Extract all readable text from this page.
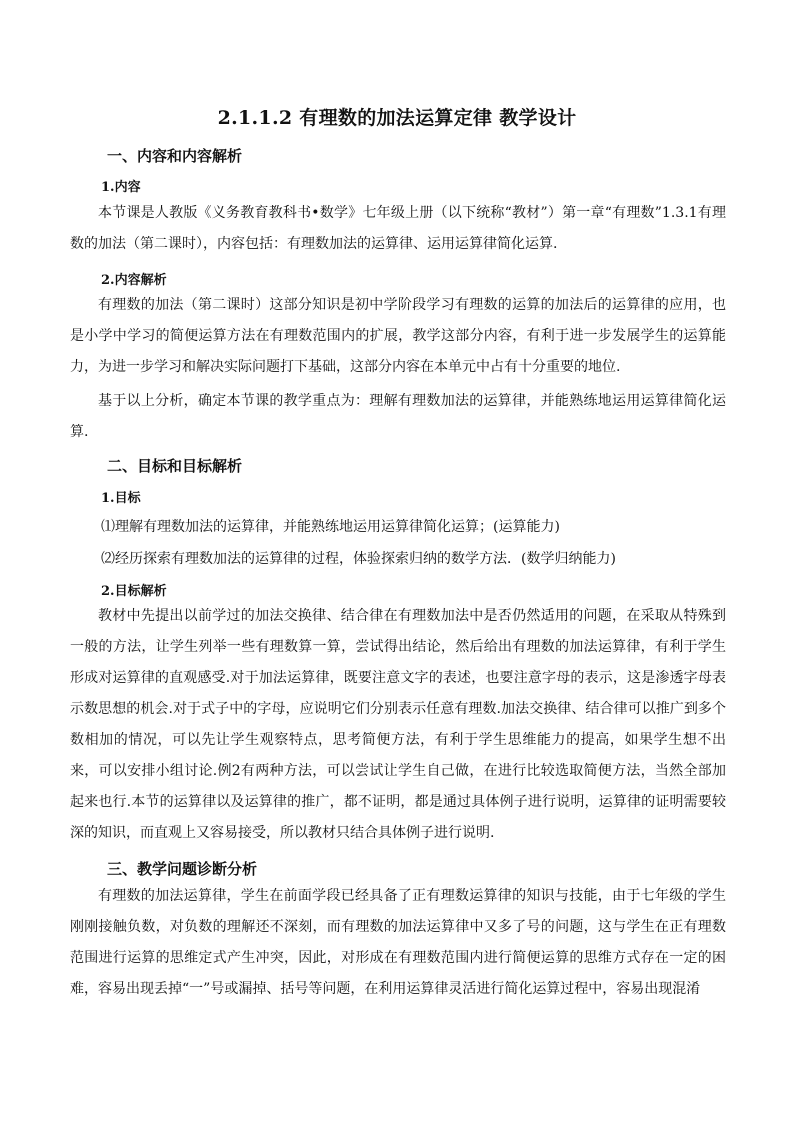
2.1.1.2 有理数的加法运算定律 教学设计
一、内容和内容解析
1.内容

本节课是人教版《义务教育教科书•数学》七年级上册（以下统称“教材”）第一章“有理数”1.3.1有理数的加法（第二课时），内容包括：有理数加法的运算律、运用运算律简化运算.

2.内容解析

有理数的加法（第二课时）这部分知识是初中学阶段学习有理数的运算的加法后的运算律的应用，也是小学中学习的简便运算方法在有理数范围内的扩展，教学这部分内容，有利于进一步发展学生的运算能力，为进一步学习和解决实际问题打下基础，这部分内容在本单元中占有十分重要的地位.

基于以上分析，确定本节课的教学重点为：理解有理数加法的运算律，并能熟练地运用运算律简化运算.

二、目标和目标解析
1.目标
⑴理解有理数加法的运算律，并能熟练地运用运算律简化运算；(运算能力)
⑵经历探索有理数加法的运算律的过程，体验探索归纳的数学方法．(数学归纳能力)
2.目标解析

教材中先提出以前学过的加法交换律、结合律在有理数加法中是否仍然适用的问题，在采取从特殊到一般的方法，让学生列举一些有理数算一算，尝试得出结论，然后给出有理数的加法运算律，有利于学生形成对运算律的直观感受.对于加法运算律，既要注意文字的表述，也要注意字母的表示，这是渗透字母表示数思想的机会.对于式子中的字母，应说明它们分别表示任意有理数.加法交换律、结合律可以推广到多个数相加的情况，可以先让学生观察特点，思考简便方法，有利于学生思维能力的提高，如果学生想不出来，可以安排小组讨论.例2有两种方法，可以尝试让学生自己做，在进行比较选取简便方法，当然全部加起来也行.本节的运算律以及运算律的推广，都不证明，都是通过具体例子进行说明，运算律的证明需要较深的知识，而直观上又容易接受，所以教材只结合具体例子进行说明.

三、教学问题诊断分析

有理数的加法运算律，学生在前面学段已经具备了正有理数运算律的知识与技能，由于七年级的学生刚刚接触负数，对负数的理解还不深刻，而有理数的加法运算律中又多了号的问题，这与学生在正有理数范围进行运算的思维定式产生冲突，因此，对形成在有理数范围内进行简便运算的思维方式存在一定的困难，容易出现丢掉“一”号或漏掉、括号等问题，在利用运算律灵活进行简化运算过程中，容易出现混淆
